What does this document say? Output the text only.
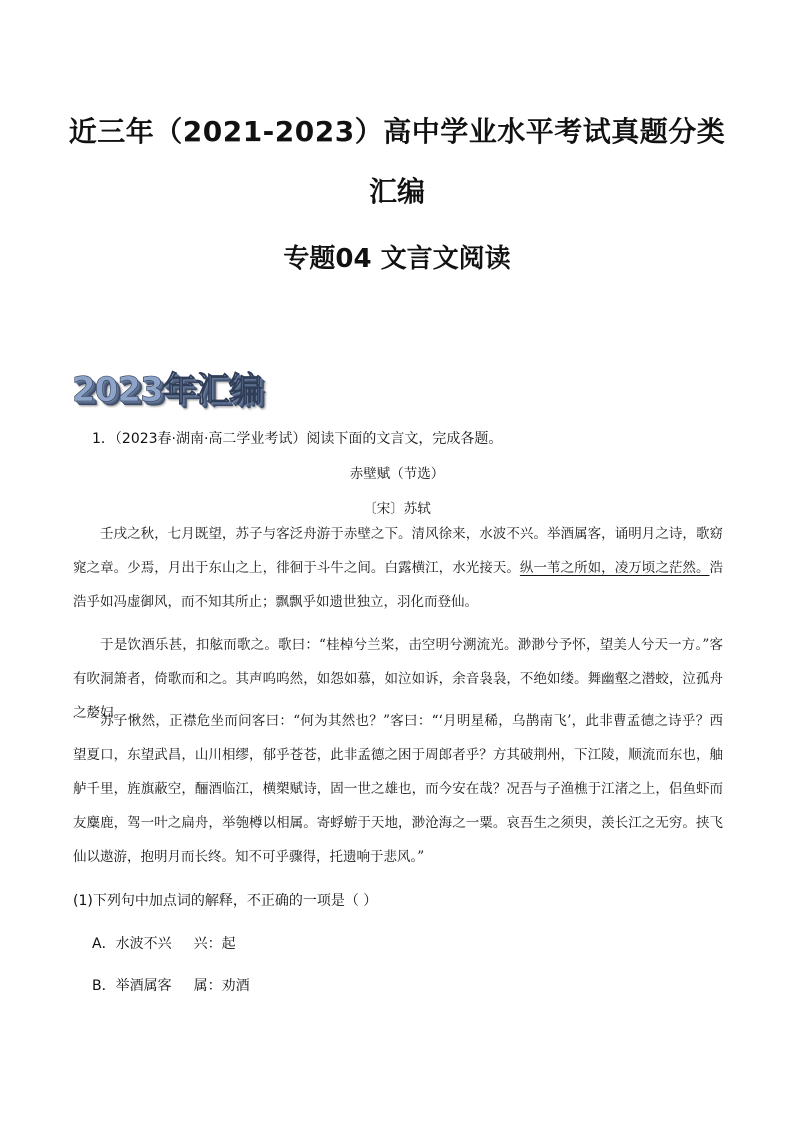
近三年（2021-2023）高中学业水平考试真题分类
汇编
专题04 文言文阅读
2023年汇编
1．（2023春·湖南·高二学业考试）阅读下面的文言文，完成各题。
赤壁赋（节选）
〔宋〕苏轼
壬戌之秋，七月既望，苏子与客泛舟游于赤壁之下。清风徐来，水波不兴。举酒属客，诵明月之诗，歌窈窕之章。少焉，月出于东山之上，徘徊于斗牛之间。白露横江，水光接天。纵一苇之所如，凌万顷之茫然。浩浩乎如冯虚御风，而不知其所止；飘飘乎如遗世独立，羽化而登仙。
于是饮酒乐甚，扣舷而歌之。歌曰：“桂棹兮兰桨，击空明兮溯流光。渺渺兮予怀，望美人兮天一方。”客有吹洞箫者，倚歌而和之。其声呜呜然，如怨如慕，如泣如诉，余音袅袅，不绝如缕。舞幽壑之潜蛟，泣孤舟之嫠妇。
苏子愀然，正襟危坐而问客曰：“何为其然也？”客曰：“‘月明星稀，乌鹊南飞’，此非曹孟德之诗乎？西望夏口，东望武昌，山川相缪，郁乎苍苍，此非孟德之困于周郎者乎？方其破荆州，下江陵，顺流而东也，舳舻千里，旌旗蔽空，酾酒临江，横槊赋诗，固一世之雄也，而今安在哉？况吾与子渔樵于江渚之上，侣鱼虾而友麋鹿，驾一叶之扁舟，举匏樽以相属。寄蜉蝣于天地，渺沧海之一粟。哀吾生之须臾，羡长江之无穷。挟飞仙以遨游，抱明月而长终。知不可乎骤得，托遗响于悲风。”
(1)下列句中加点词的解释，不正确的一项是（ ）
A．水波不兴 兴：起
B．举酒属客 属：劝酒
